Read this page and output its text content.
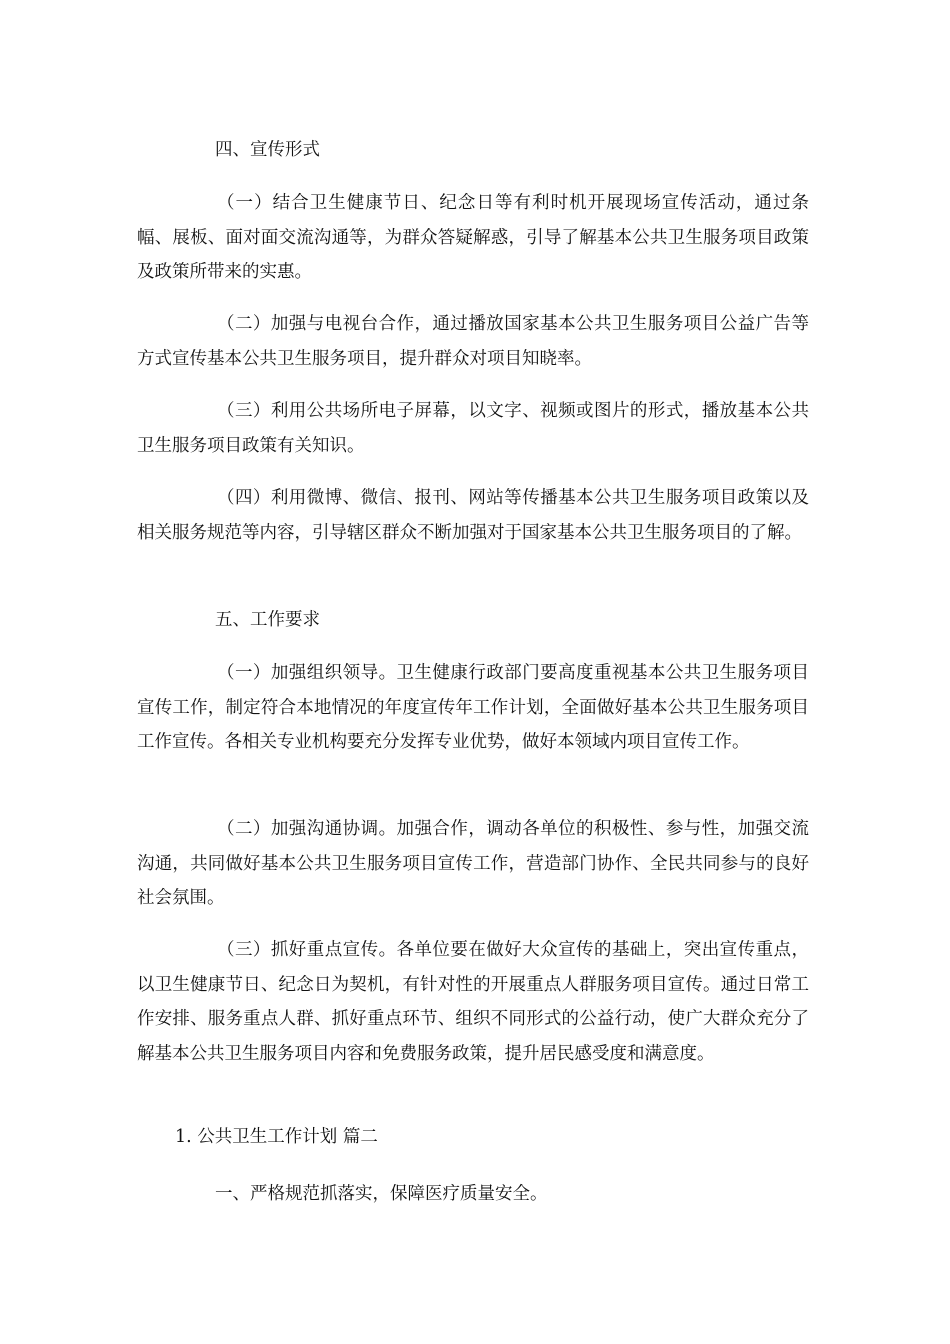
四、宣传形式

（一）结合卫生健康节日、纪念日等有利时机开展现场宣传活动，通过条幅、展板、面对面交流沟通等，为群众答疑解惑，引导了解基本公共卫生服务项目政策及政策所带来的实惠。

（二）加强与电视台合作，通过播放国家基本公共卫生服务项目公益广告等方式宣传基本公共卫生服务项目，提升群众对项目知晓率。

（三）利用公共场所电子屏幕，以文字、视频或图片的形式，播放基本公共卫生服务项目政策有关知识。

（四）利用微博、微信、报刊、网站等传播基本公共卫生服务项目政策以及相关服务规范等内容，引导辖区群众不断加强对于国家基本公共卫生服务项目的了解。

五、工作要求

（一）加强组织领导。卫生健康行政部门要高度重视基本公共卫生服务项目宣传工作，制定符合本地情况的年度宣传年工作计划，全面做好基本公共卫生服务项目工作宣传。各相关专业机构要充分发挥专业优势，做好本领域内项目宣传工作。

（二）加强沟通协调。加强合作，调动各单位的积极性、参与性，加强交流沟通，共同做好基本公共卫生服务项目宣传工作，营造部门协作、全民共同参与的良好社会氛围。

（三）抓好重点宣传。各单位要在做好大众宣传的基础上，突出宣传重点，以卫生健康节日、纪念日为契机，有针对性的开展重点人群服务项目宣传。通过日常工作安排、服务重点人群、抓好重点环节、组织不同形式的公益行动，使广大群众充分了解基本公共卫生服务项目内容和免费服务政策，提升居民感受度和满意度。

1. 公共卫生工作计划 篇二
一、严格规范抓落实，保障医疗质量安全。
